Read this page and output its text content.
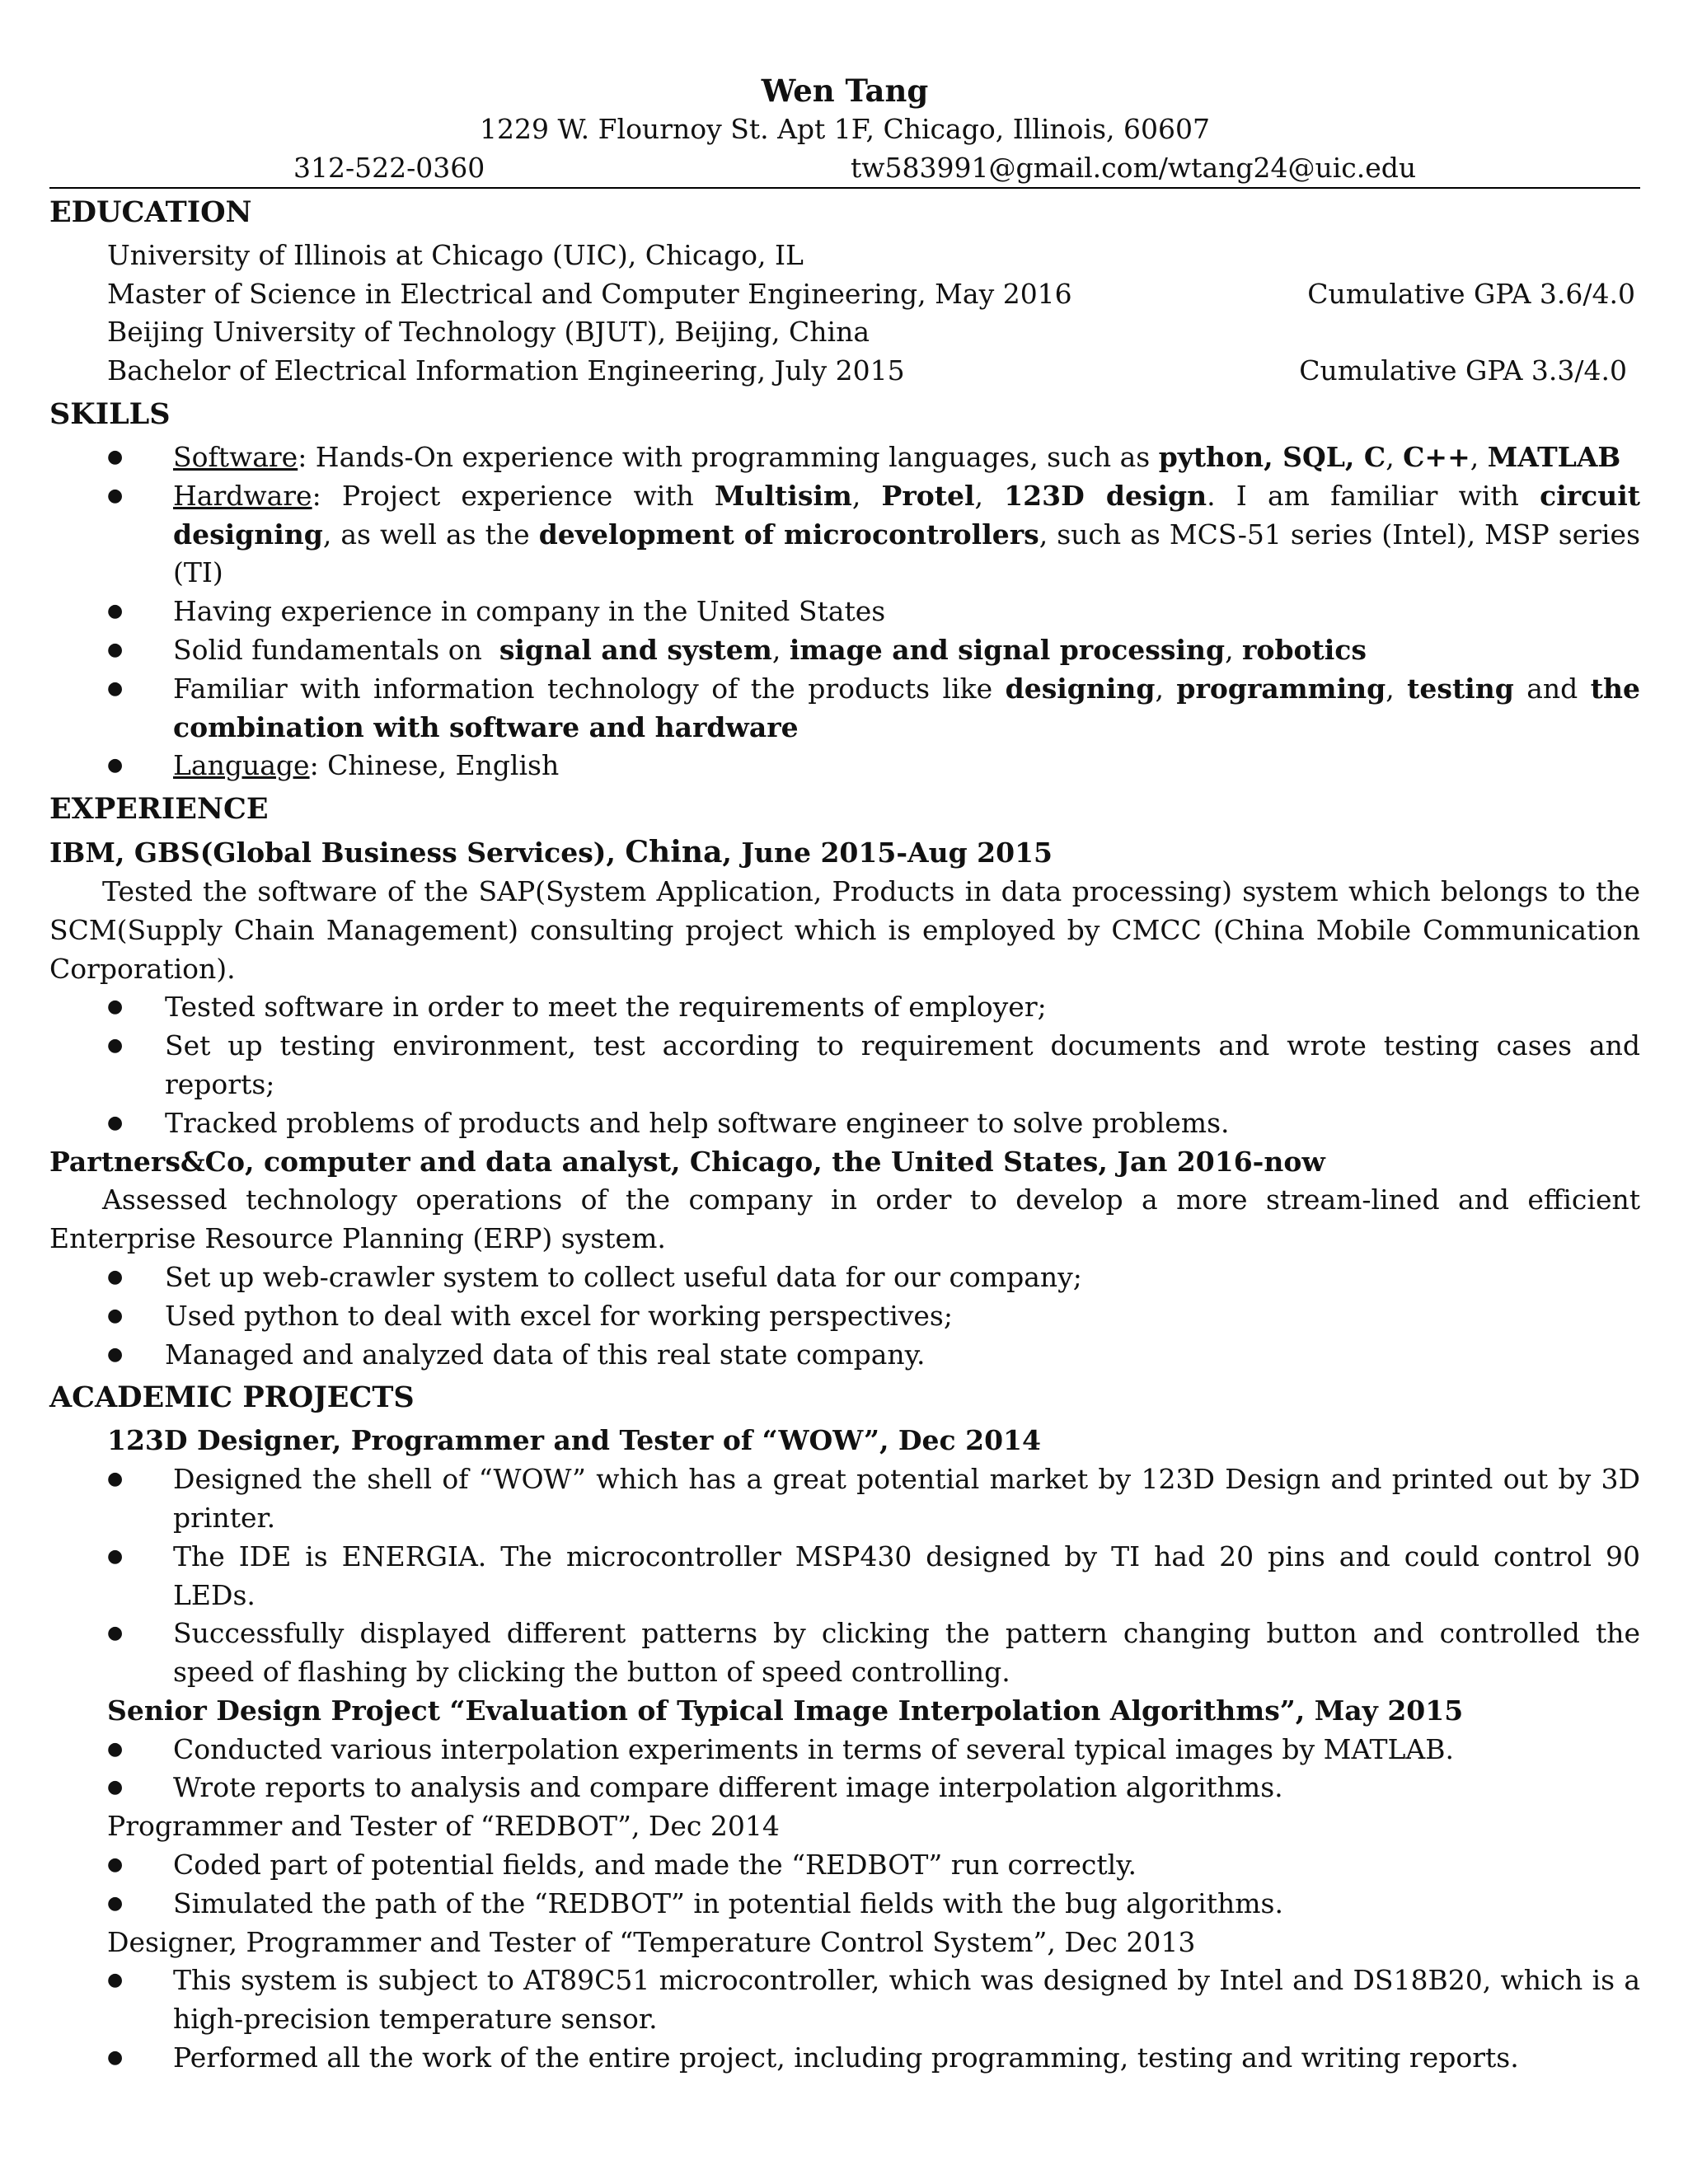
Wen Tang
1229 W. Flournoy St. Apt 1F, Chicago, Illinois, 60607
312-522-0360	tw583991@gmail.com/wtang24@uic.edu
EDUCATION
University of Illinois at Chicago (UIC), Chicago, IL
Master of Science in Electrical and Computer Engineering, May 2016	Cumulative GPA 3.6/4.0
Beijing University of Technology (BJUT), Beijing, China
Bachelor of Electrical Information Engineering, July 2015	Cumulative GPA 3.3/4.0
SKILLS
● Software: Hands-On experience with programming languages, such as python, SQL, C, C++, MATLAB
● Hardware: Project experience with Multisim, Protel, 123D design. I am familiar with circuit designing, as well as the development of microcontrollers, such as MCS-51 series (Intel), MSP series (TI)
● Having experience in company in the United States
● Solid fundamentals on  signal and system, image and signal processing, robotics
● Familiar with information technology of the products like designing, programming, testing and the combination with software and hardware
● Language: Chinese, English
EXPERIENCE
IBM, GBS(Global Business Services), China, June 2015-Aug 2015
Tested the software of the SAP(System Application, Products in data processing) system which belongs to the SCM(Supply Chain Management) consulting project which is employed by CMCC (China Mobile Communication Corporation).
● Tested software in order to meet the requirements of employer;
● Set up testing environment, test according to requirement documents and wrote testing cases and reports;
● Tracked problems of products and help software engineer to solve problems.
Partners&Co, computer and data analyst, Chicago, the United States, Jan 2016-now
Assessed technology operations of the company in order to develop a more stream-lined and efficient Enterprise Resource Planning (ERP) system.
● Set up web-crawler system to collect useful data for our company;
● Used python to deal with excel for working perspectives;
● Managed and analyzed data of this real state company.
ACADEMIC PROJECTS
123D Designer, Programmer and Tester of “WOW”, Dec 2014
● Designed the shell of “WOW” which has a great potential market by 123D Design and printed out by 3D printer.
● The IDE is ENERGIA. The microcontroller MSP430 designed by TI had 20 pins and could control 90 LEDs.
● Successfully displayed different patterns by clicking the pattern changing button and controlled the speed of flashing by clicking the button of speed controlling.
Senior Design Project “Evaluation of Typical Image Interpolation Algorithms”, May 2015
● Conducted various interpolation experiments in terms of several typical images by MATLAB.
● Wrote reports to analysis and compare different image interpolation algorithms.
Programmer and Tester of “REDBOT”, Dec 2014
● Coded part of potential fields, and made the “REDBOT” run correctly.
● Simulated the path of the “REDBOT” in potential fields with the bug algorithms.
Designer, Programmer and Tester of “Temperature Control System”, Dec 2013
● This system is subject to AT89C51 microcontroller, which was designed by Intel and DS18B20, which is a high-precision temperature sensor.
● Performed all the work of the entire project, including programming, testing and writing reports.
